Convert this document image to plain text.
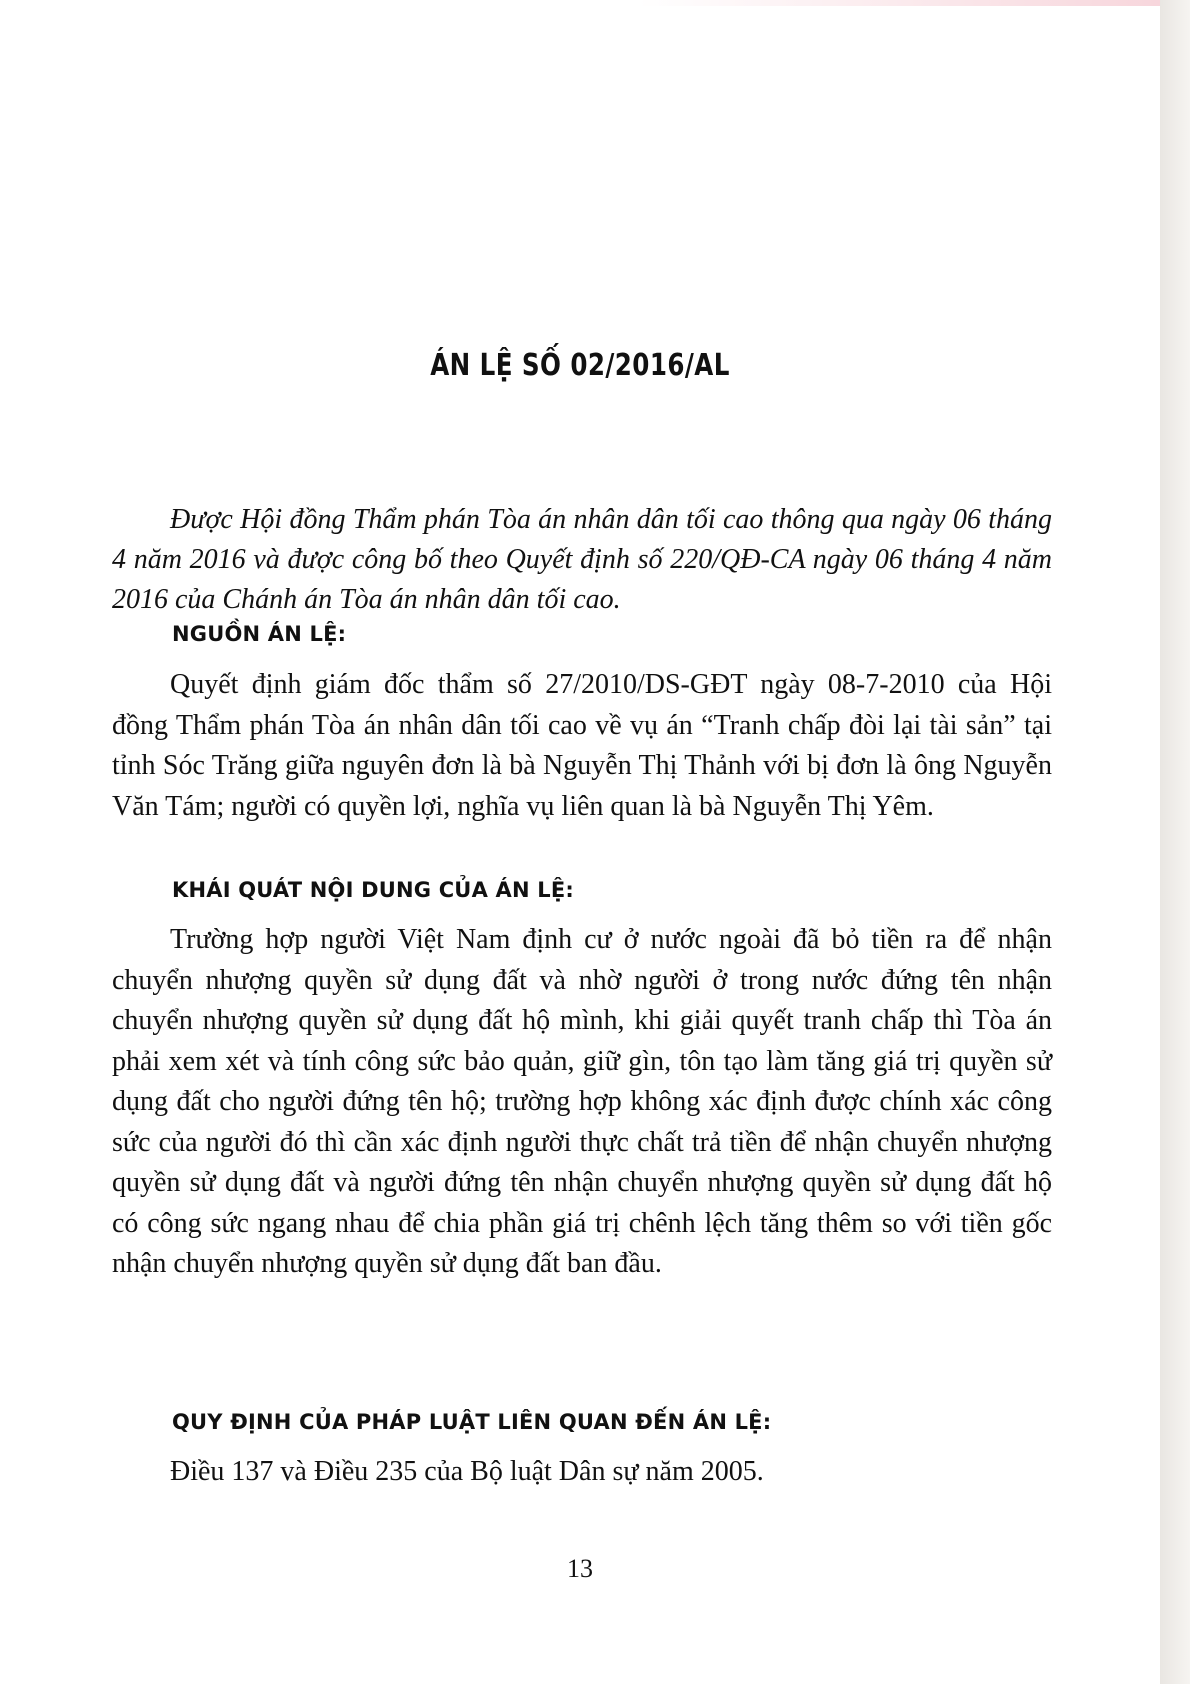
ÁN LỆ SỐ 02/2016/AL
Được Hội đồng Thẩm phán Tòa án nhân dân tối cao thông qua ngày 06 tháng 4 năm 2016 và được công bố theo Quyết định số 220/QĐ-CA ngày 06 tháng 4 năm 2016 của Chánh án Tòa án nhân dân tối cao.
NGUỒN ÁN LỆ:
Quyết định giám đốc thẩm số 27/2010/DS-GĐT ngày 08-7-2010 của Hội đồng Thẩm phán Tòa án nhân dân tối cao về vụ án “Tranh chấp đòi lại tài sản” tại tỉnh Sóc Trăng giữa nguyên đơn là bà Nguyễn Thị Thảnh với bị đơn là ông Nguyễn Văn Tám; người có quyền lợi, nghĩa vụ liên quan là bà Nguyễn Thị Yêm.
KHÁI QUÁT NỘI DUNG CỦA ÁN LỆ:
Trường hợp người Việt Nam định cư ở nước ngoài đã bỏ tiền ra để nhận chuyển nhượng quyền sử dụng đất và nhờ người ở trong nước đứng tên nhận chuyển nhượng quyền sử dụng đất hộ mình, khi giải quyết tranh chấp thì Tòa án phải xem xét và tính công sức bảo quản, giữ gìn, tôn tạo làm tăng giá trị quyền sử dụng đất cho người đứng tên hộ; trường hợp không xác định được chính xác công sức của người đó thì cần xác định người thực chất trả tiền để nhận chuyển nhượng quyền sử dụng đất và người đứng tên nhận chuyển nhượng quyền sử dụng đất hộ có công sức ngang nhau để chia phần giá trị chênh lệch tăng thêm so với tiền gốc nhận chuyển nhượng quyền sử dụng đất ban đầu.
QUY ĐỊNH CỦA PHÁP LUẬT LIÊN QUAN ĐẾN ÁN LỆ:
Điều 137 và Điều 235 của Bộ luật Dân sự năm 2005.
13
